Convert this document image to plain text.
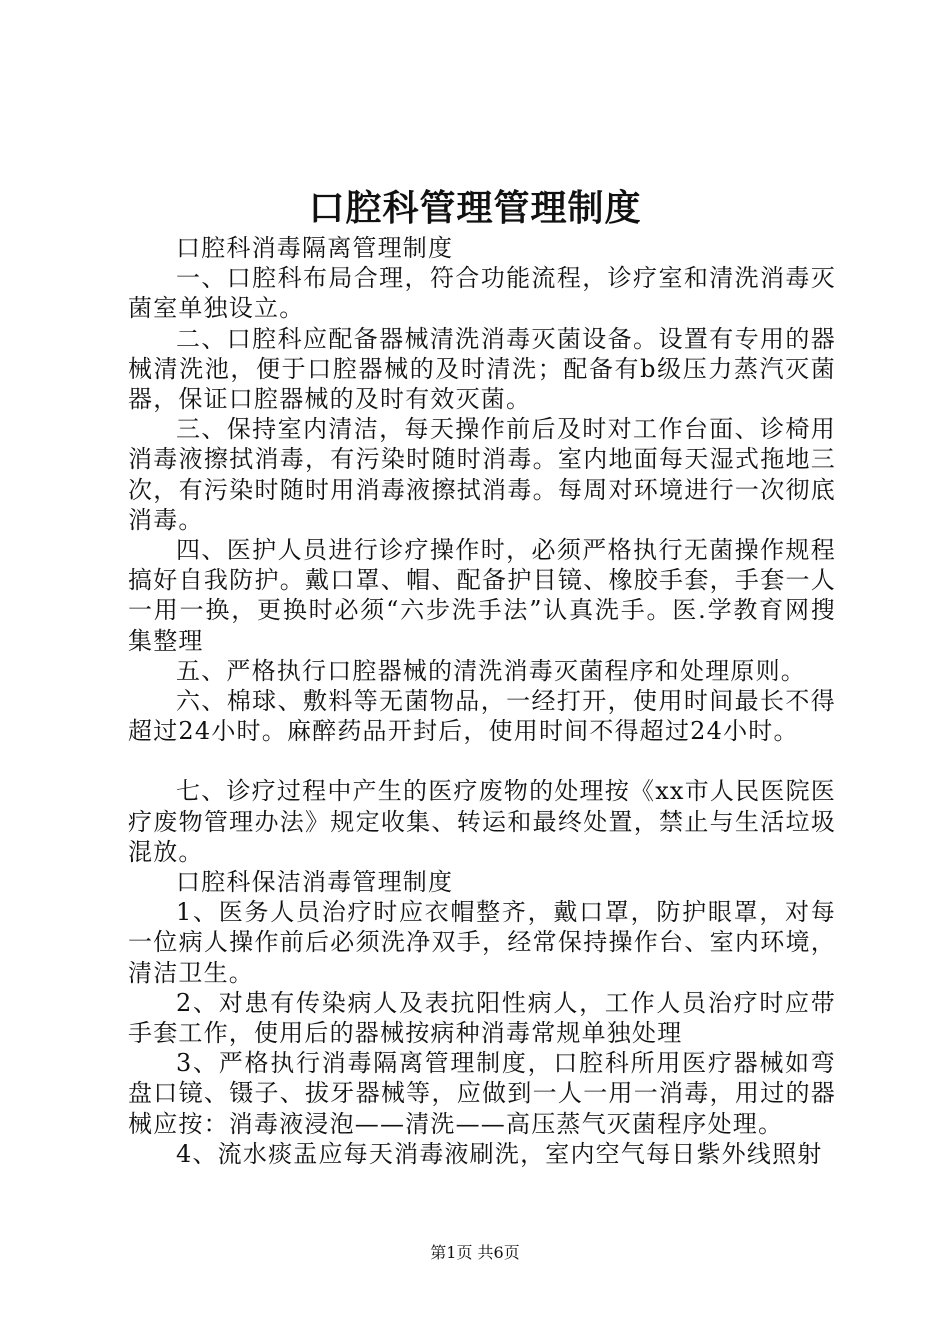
口腔科管理管理制度

口腔科消毒隔离管理制度

一、口腔科布局合理，符合功能流程，诊疗室和清洗消毒灭菌室单独设立。

二、口腔科应配备器械清洗消毒灭菌设备。设置有专用的器械清洗池，便于口腔器械的及时清洗；配备有b级压力蒸汽灭菌器，保证口腔器械的及时有效灭菌。

三、保持室内清洁，每天操作前后及时对工作台面、诊椅用消毒液擦拭消毒，有污染时随时消毒。室内地面每天湿式拖地三次，有污染时随时用消毒液擦拭消毒。每周对环境进行一次彻底消毒。

四、医护人员进行诊疗操作时，必须严格执行无菌操作规程搞好自我防护。戴口罩、帽、配备护目镜、橡胶手套，手套一人一用一换，更换时必须“六步洗手法”认真洗手。医.学教育网搜集整理

五、严格执行口腔器械的清洗消毒灭菌程序和处理原则。

六、棉球、敷料等无菌物品，一经打开，使用时间最长不得超过24小时。麻醉药品开封后，使用时间不得超过24小时。

七、诊疗过程中产生的医疗废物的处理按《xx市人民医院医疗废物管理办法》规定收集、转运和最终处置，禁止与生活垃圾混放。

口腔科保洁消毒管理制度

1、医务人员治疗时应衣帽整齐，戴口罩，防护眼罩，对每一位病人操作前后必须洗净双手，经常保持操作台、室内环境，清洁卫生。

2、对患有传染病人及表抗阳性病人，工作人员治疗时应带手套工作，使用后的器械按病种消毒常规单独处理

3、严格执行消毒隔离管理制度，口腔科所用医疗器械如弯盘口镜、镊子、拔牙器械等，应做到一人一用一消毒，用过的器械应按：消毒液浸泡——清洗——高压蒸气灭菌程序处理。

4、流水痰盂应每天消毒液刷洗，室内空气每日紫外线照射

第1页 共6页
